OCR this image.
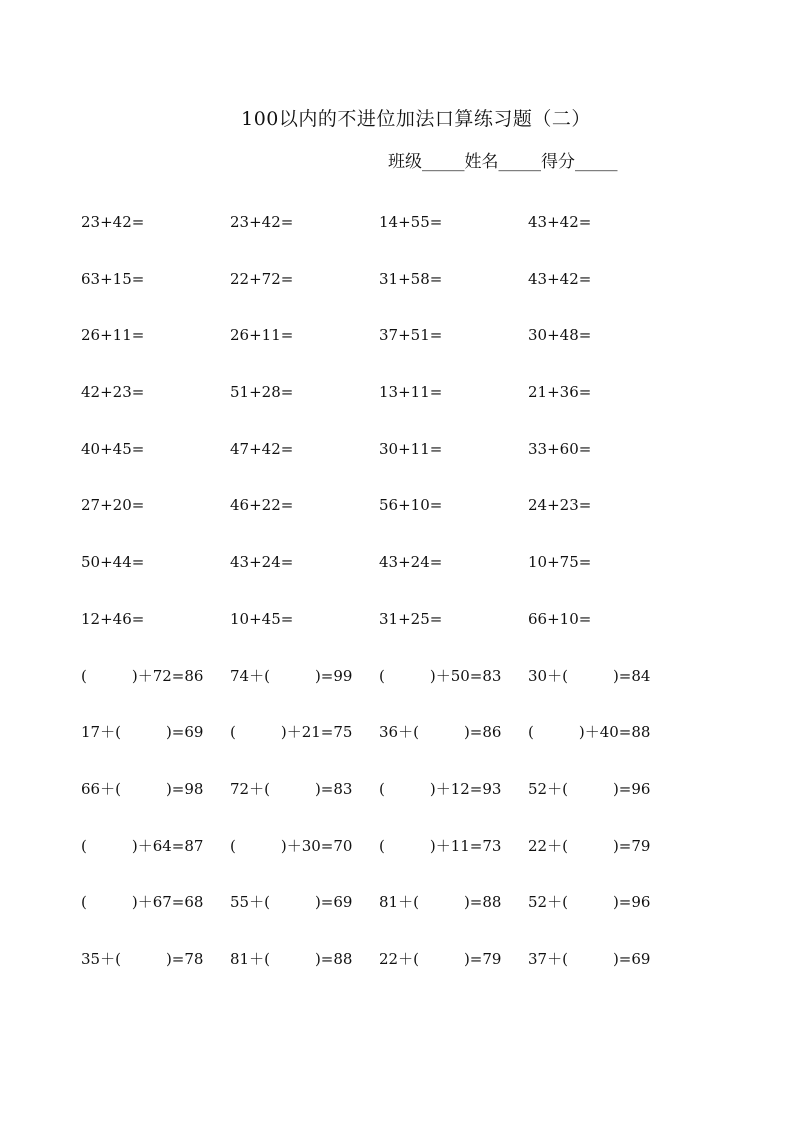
100以内的不进位加法口算练习题（二）
班级_____姓名_____得分_____
23+42=	23+42=	14+55=	43+42=
63+15=	22+72=	31+58=	43+42=
26+11=	26+11=	37+51=	30+48=
42+23=	51+28=	13+11=	21+36=
40+45=	47+42=	30+11=	33+60=
27+20=	46+22=	56+10=	24+23=
50+44=	43+24=	43+24=	10+75=
12+46=	10+45=	31+25=	66+10=
(　　　)＋72=86	74＋(　　　)=99	(　　　)＋50=83	30＋(　　　)=84
17＋(　　　)=69	(　　　)＋21=75	36＋(　　　)=86	(　　　)＋40=88
66＋(　　　)=98	72＋(　　　)=83	(　　　)＋12=93	52＋(　　　)=96
(　　　)＋64=87	(　　　)＋30=70	(　　　)＋11=73	22＋(　　　)=79
(　　　)＋67=68	55＋(　　　)=69	81＋(　　　)=88	52＋(　　　)=96
35＋(　　　)=78	81＋(　　　)=88	22＋(　　　)=79	37＋(　　　)=69
